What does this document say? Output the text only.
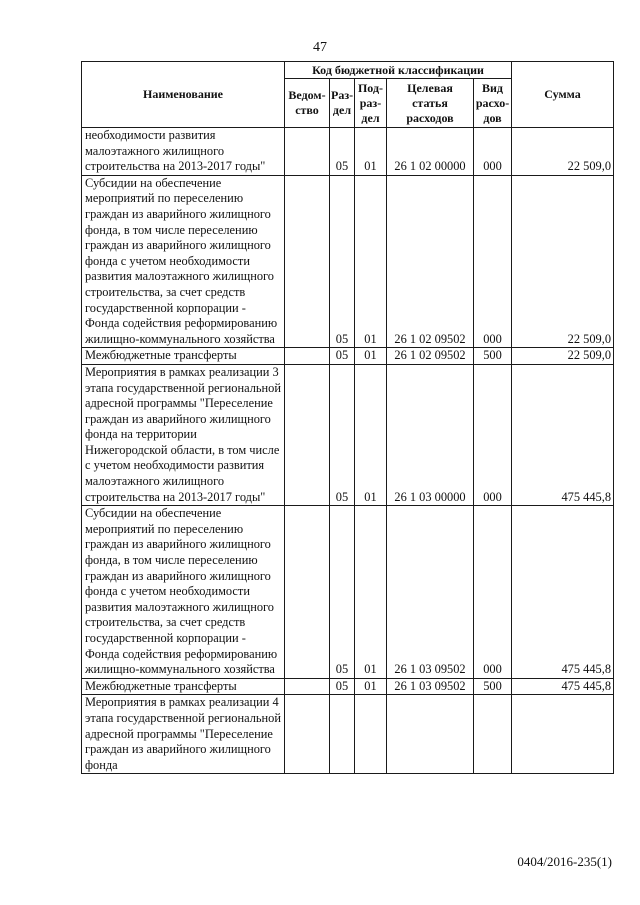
47
Наименование	Код бюджетной классификации					Сумма
	Ведом-ство	Раз-дел	Под-раз-дел	Целевая статья расходов	Вид расхо-дов	
необходимости развития малоэтажного жилищного строительства на 2013-2017 годы"		05	01	26 1 02 00000	000	22 509,0
Субсидии на обеспечение мероприятий по переселению граждан из аварийного жилищного фонда, в том числе переселению граждан из аварийного жилищного фонда с учетом необходимости развития малоэтажного жилищного строительства, за счет средств государственной корпорации - Фонда содействия реформированию жилищно-коммунального хозяйства		05	01	26 1 02 09502	000	22 509,0
Межбюджетные трансферты		05	01	26 1 02 09502	500	22 509,0
Мероприятия в рамках реализации 3 этапа государственной региональной адресной программы "Переселение граждан из аварийного жилищного фонда на территории Нижегородской области, в том числе с учетом необходимости развития малоэтажного жилищного строительства на 2013-2017 годы"		05	01	26 1 03 00000	000	475 445,8
Субсидии на обеспечение мероприятий по переселению граждан из аварийного жилищного фонда, в том числе переселению граждан из аварийного жилищного фонда с учетом необходимости развития малоэтажного жилищного строительства, за счет средств государственной корпорации - Фонда содействия реформированию жилищно-коммунального хозяйства		05	01	26 1 03 09502	000	475 445,8
Межбюджетные трансферты		05	01	26 1 03 09502	500	475 445,8
Мероприятия в рамках реализации 4 этапа государственной региональной адресной программы "Переселение граждан из аварийного жилищного фонда						
0404/2016-235(1)
